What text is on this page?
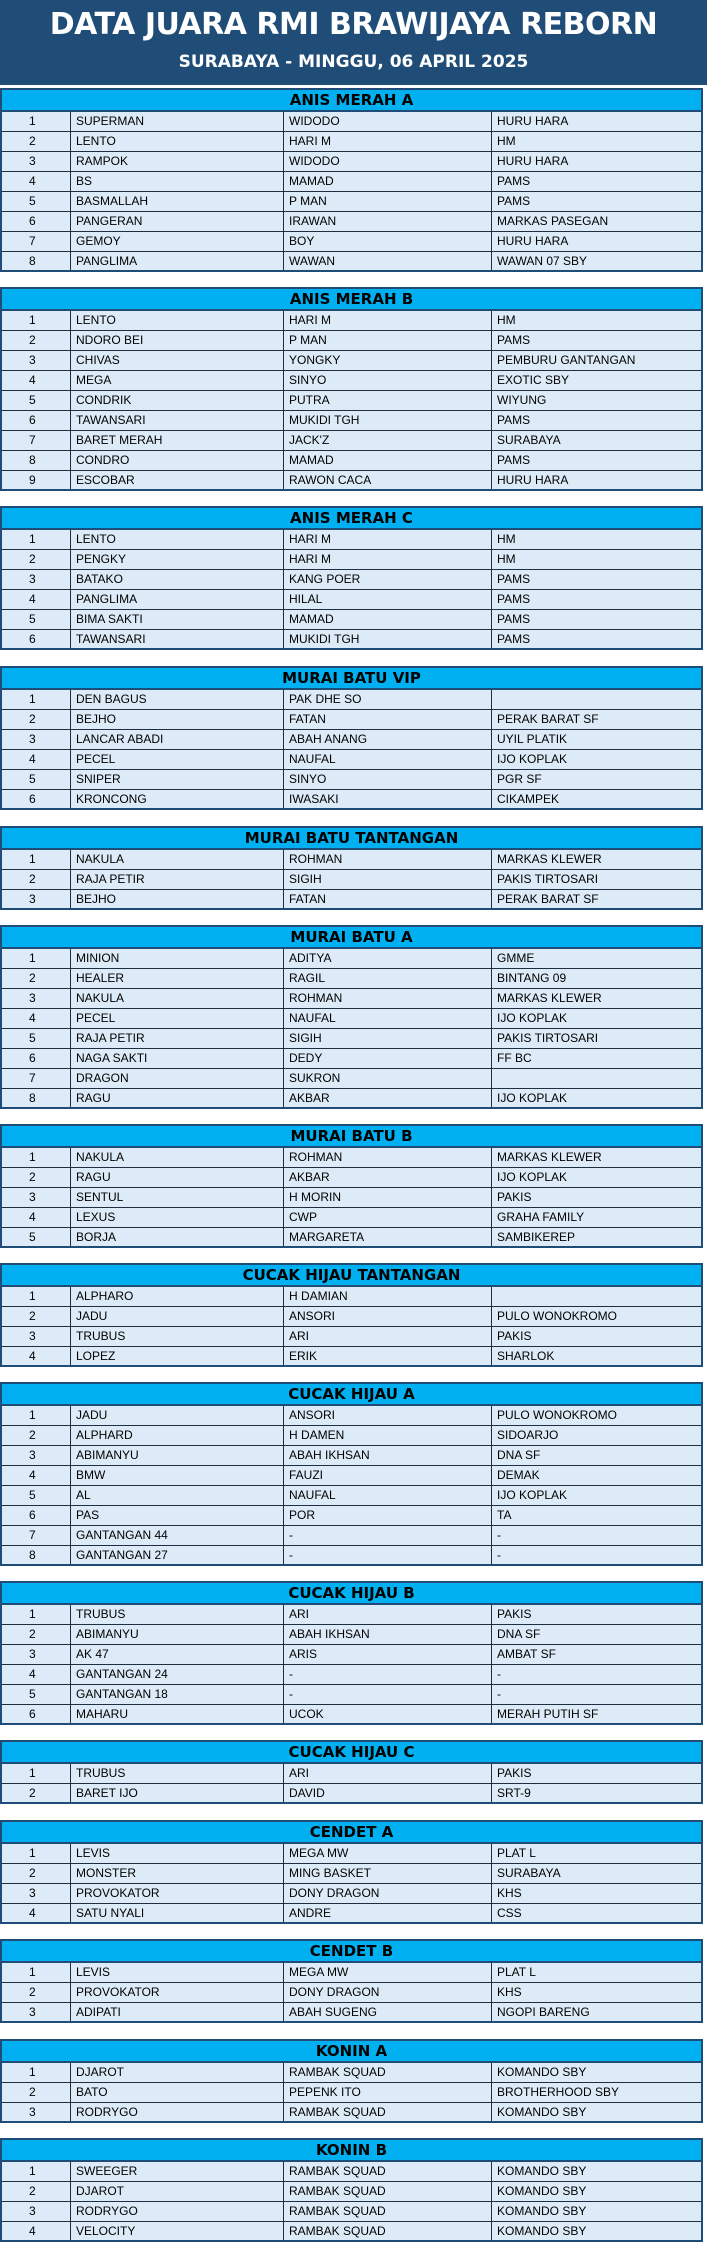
DATA JUARA RMI BRAWIJAYA REBORN
SURABAYA - MINGGU, 06 APRIL 2025
ANIS MERAH A
1	SUPERMAN	WIDODO	HURU HARA
2	LENTO	HARI M	HM
3	RAMPOK	WIDODO	HURU HARA
4	BS	MAMAD	PAMS
5	BASMALLAH	P MAN	PAMS
6	PANGERAN	IRAWAN	MARKAS PASEGAN
7	GEMOY	BOY	HURU HARA
8	PANGLIMA	WAWAN	WAWAN 07 SBY
ANIS MERAH B
1	LENTO	HARI M	HM
2	NDORO BEI	P MAN	PAMS
3	CHIVAS	YONGKY	PEMBURU GANTANGAN
4	MEGA	SINYO	EXOTIC SBY
5	CONDRIK	PUTRA	WIYUNG
6	TAWANSARI	MUKIDI TGH	PAMS
7	BARET MERAH	JACK'Z	SURABAYA
8	CONDRO	MAMAD	PAMS
9	ESCOBAR	RAWON CACA	HURU HARA
ANIS MERAH C
1	LENTO	HARI M	HM
2	PENGKY	HARI M	HM
3	BATAKO	KANG POER	PAMS
4	PANGLIMA	HILAL	PAMS
5	BIMA SAKTI	MAMAD	PAMS
6	TAWANSARI	MUKIDI TGH	PAMS
MURAI BATU VIP
1	DEN BAGUS	PAK DHE SO
2	BEJHO	FATAN	PERAK BARAT SF
3	LANCAR ABADI	ABAH ANANG	UYIL PLATIK
4	PECEL	NAUFAL	IJO KOPLAK
5	SNIPER	SINYO	PGR SF
6	KRONCONG	IWASAKI	CIKAMPEK
MURAI BATU TANTANGAN
1	NAKULA	ROHMAN	MARKAS KLEWER
2	RAJA PETIR	SIGIH	PAKIS TIRTOSARI
3	BEJHO	FATAN	PERAK BARAT SF
MURAI BATU A
1	MINION	ADITYA	GMME
2	HEALER	RAGIL	BINTANG 09
3	NAKULA	ROHMAN	MARKAS KLEWER
4	PECEL	NAUFAL	IJO KOPLAK
5	RAJA PETIR	SIGIH	PAKIS TIRTOSARI
6	NAGA SAKTI	DEDY	FF BC
7	DRAGON	SUKRON
8	RAGU	AKBAR	IJO KOPLAK
MURAI BATU B
1	NAKULA	ROHMAN	MARKAS KLEWER
2	RAGU	AKBAR	IJO KOPLAK
3	SENTUL	H MORIN	PAKIS
4	LEXUS	CWP	GRAHA FAMILY
5	BORJA	MARGARETA	SAMBIKEREP
CUCAK HIJAU TANTANGAN
1	ALPHARO	H DAMIAN
2	JADU	ANSORI	PULO WONOKROMO
3	TRUBUS	ARI	PAKIS
4	LOPEZ	ERIK	SHARLOK
CUCAK HIJAU A
1	JADU	ANSORI	PULO WONOKROMO
2	ALPHARD	H DAMEN	SIDOARJO
3	ABIMANYU	ABAH IKHSAN	DNA SF
4	BMW	FAUZI	DEMAK
5	AL	NAUFAL	IJO KOPLAK
6	PAS	POR	TA
7	GANTANGAN 44	-	-
8	GANTANGAN 27	-	-
CUCAK HIJAU B
1	TRUBUS	ARI	PAKIS
2	ABIMANYU	ABAH IKHSAN	DNA SF
3	AK 47	ARIS	AMBAT SF
4	GANTANGAN 24	-	-
5	GANTANGAN 18	-	-
6	MAHARU	UCOK	MERAH PUTIH SF
CUCAK HIJAU C
1	TRUBUS	ARI	PAKIS
2	BARET IJO	DAVID	SRT-9
CENDET A
1	LEVIS	MEGA MW	PLAT L
2	MONSTER	MING BASKET	SURABAYA
3	PROVOKATOR	DONY DRAGON	KHS
4	SATU NYALI	ANDRE	CSS
CENDET B
1	LEVIS	MEGA MW	PLAT L
2	PROVOKATOR	DONY DRAGON	KHS
3	ADIPATI	ABAH SUGENG	NGOPI BARENG
KONIN A
1	DJAROT	RAMBAK SQUAD	KOMANDO SBY
2	BATO	PEPENK ITO	BROTHERHOOD SBY
3	RODRYGO	RAMBAK SQUAD	KOMANDO SBY
KONIN B
1	SWEEGER	RAMBAK SQUAD	KOMANDO SBY
2	DJAROT	RAMBAK SQUAD	KOMANDO SBY
3	RODRYGO	RAMBAK SQUAD	KOMANDO SBY
4	VELOCITY	RAMBAK SQUAD	KOMANDO SBY
